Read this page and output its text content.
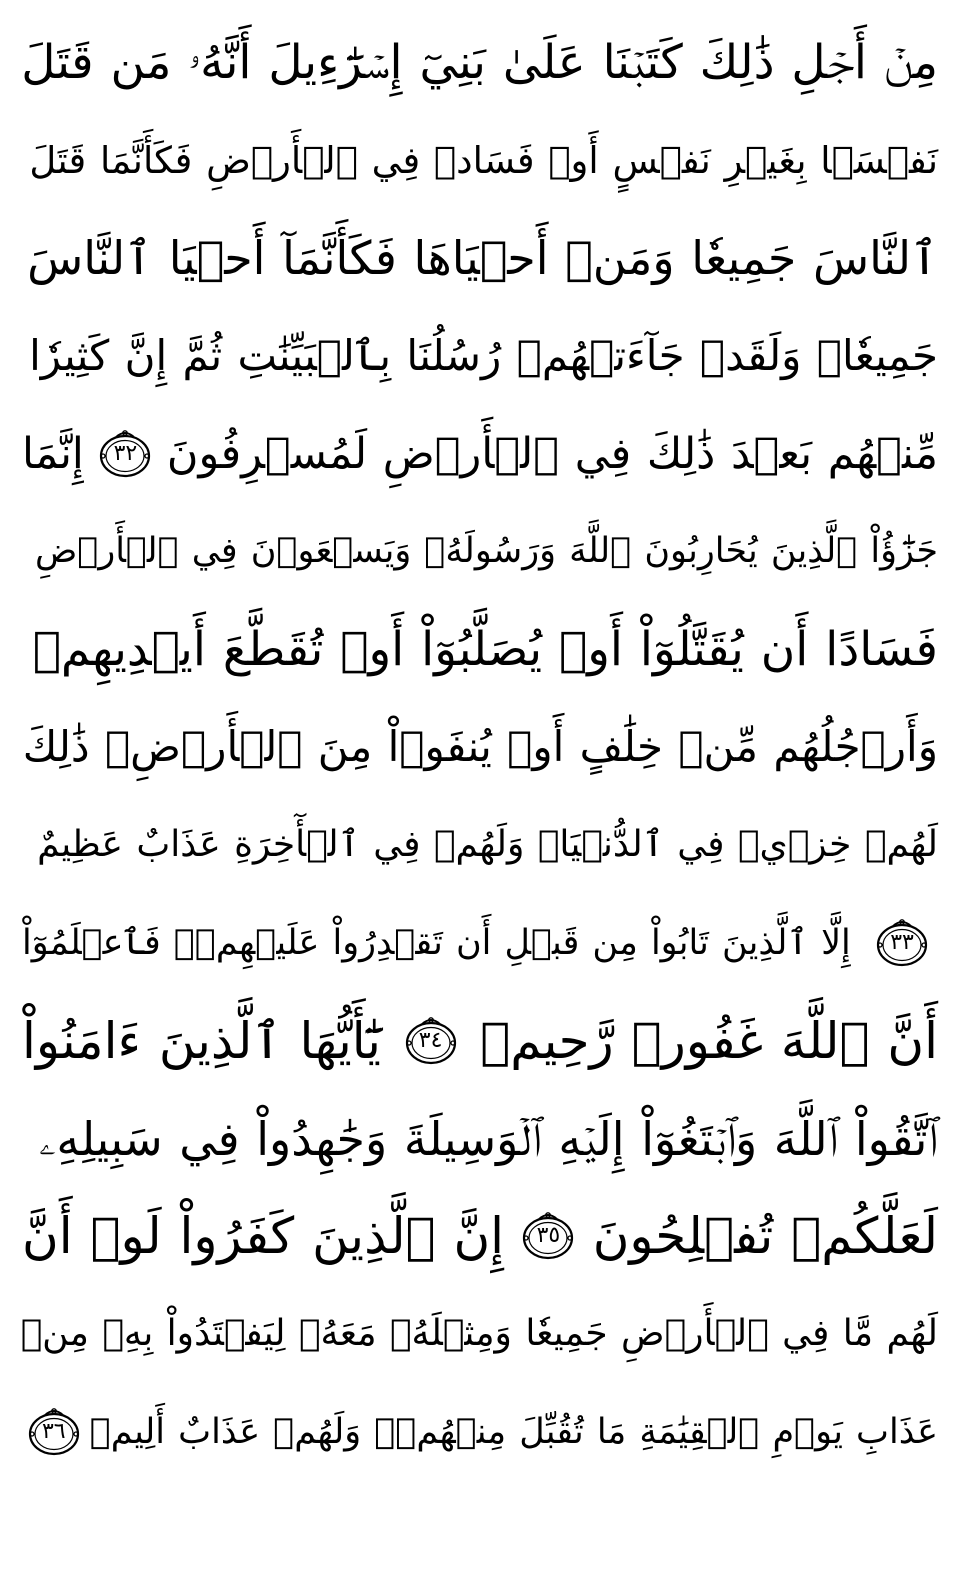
مِنۡ أَجۡلِ ذَٰلِكَ كَتَبۡنَا عَلَىٰ بَنِيٓ إِسۡرَٰٓءِيلَ أَنَّهُۥ مَن قَتَلَ
نَفۡسَۢا بِغَيۡرِ نَفۡسٍ أَوۡ فَسَادٖ فِي ٱلۡأَرۡضِ فَكَأَنَّمَا قَتَلَ
ٱلنَّاسَ جَمِيعٗا وَمَنۡ أَحۡيَاهَا فَكَأَنَّمَآ أَحۡيَا ٱلنَّاسَ
جَمِيعٗاۚ وَلَقَدۡ جَآءَتۡهُمۡ رُسُلُنَا بِٱلۡبَيِّنَٰتِ ثُمَّ إِنَّ كَثِيرٗا
مِّنۡهُم بَعۡدَ ذَٰلِكَ فِي ٱلۡأَرۡضِ لَمُسۡرِفُونَ
٣٢
إِنَّمَا
جَزَٰٓؤُاْ ٱلَّذِينَ يُحَارِبُونَ ٱللَّهَ وَرَسُولَهُۥ وَيَسۡعَوۡنَ فِي ٱلۡأَرۡضِ
فَسَادًا أَن يُقَتَّلُوٓاْ أَوۡ يُصَلَّبُوٓاْ أَوۡ تُقَطَّعَ أَيۡدِيهِمۡ
وَأَرۡجُلُهُم مِّنۡ خِلَٰفٍ أَوۡ يُنفَوۡاْ مِنَ ٱلۡأَرۡضِۚ ذَٰلِكَ
لَهُمۡ خِزۡيٞ فِي ٱلدُّنۡيَاۖ وَلَهُمۡ فِي ٱلۡأٓخِرَةِ عَذَابٌ عَظِيمٌ
٣٣
إِلَّا ٱلَّذِينَ تَابُواْ مِن قَبۡلِ أَن تَقۡدِرُواْ عَلَيۡهِمۡۖ فَٱعۡلَمُوٓاْ
أَنَّ ٱللَّهَ غَفُورٞ رَّحِيمٞ
٣٤
يَٰٓأَيُّهَا ٱلَّذِينَ ءَامَنُواْ
ٱتَّقُواْ ٱللَّهَ وَٱبۡتَغُوٓاْ إِلَيۡهِ ٱلۡوَسِيلَةَ وَجَٰهِدُواْ فِي سَبِيلِهِۦ
لَعَلَّكُمۡ تُفۡلِحُونَ
٣٥
إِنَّ ٱلَّذِينَ كَفَرُواْ لَوۡ أَنَّ
لَهُم مَّا فِي ٱلۡأَرۡضِ جَمِيعٗا وَمِثۡلَهُۥ مَعَهُۥ لِيَفۡتَدُواْ بِهِۦ مِنۡ
عَذَابِ يَوۡمِ ٱلۡقِيَٰمَةِ مَا تُقُبِّلَ مِنۡهُمۡۖ وَلَهُمۡ عَذَابٌ أَلِيمٞ
٣٦
